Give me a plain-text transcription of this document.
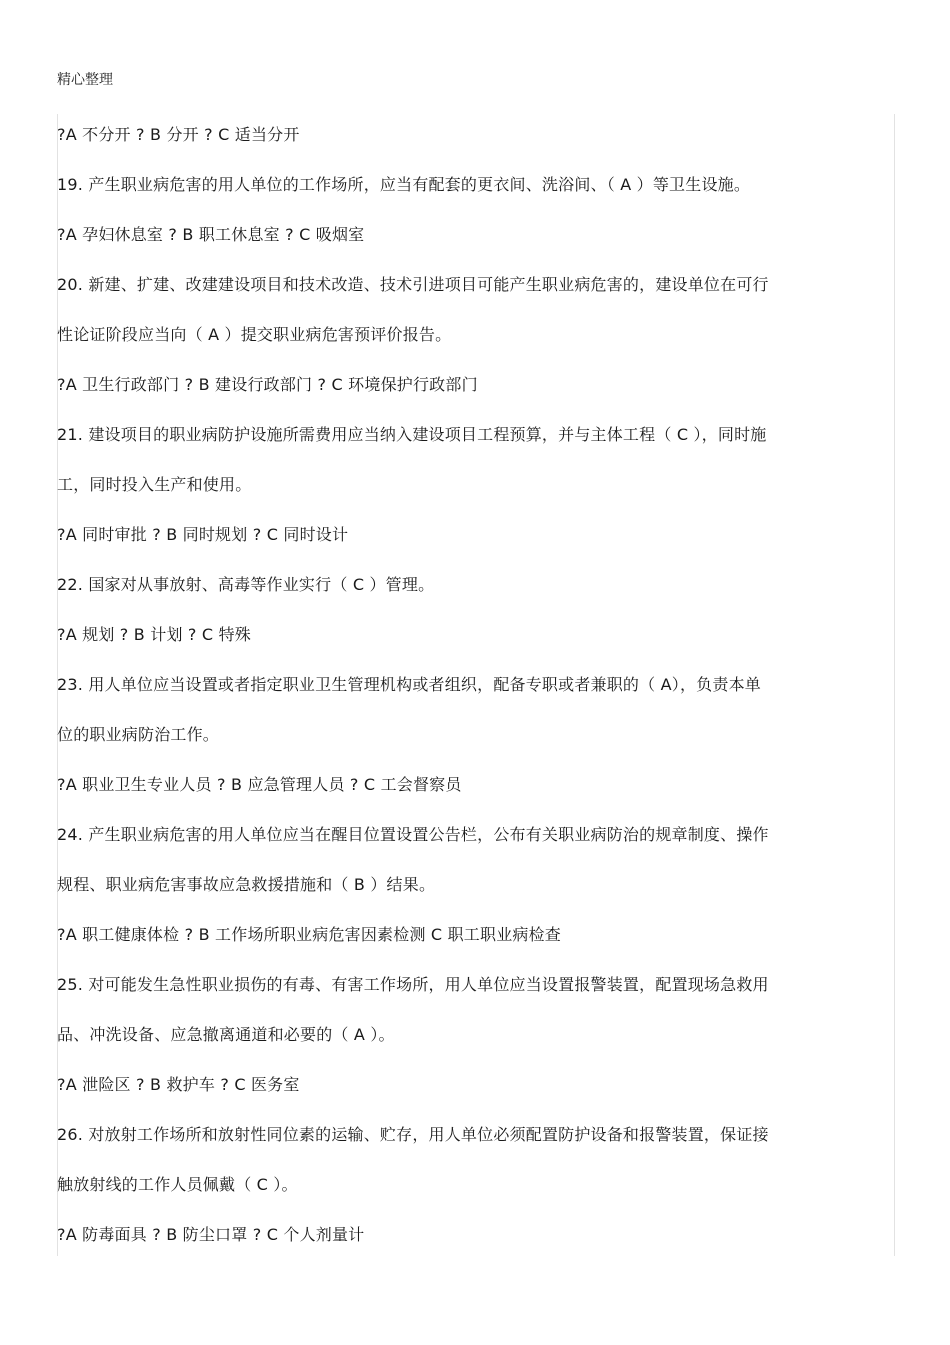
精心整理
?A 不分开 ? B 分开 ? C 适当分开
19. 产生职业病危害的用人单位的工作场所，应当有配套的更衣间、洗浴间、（ A ）等卫生设施。
?A 孕妇休息室 ? B 职工休息室 ? C 吸烟室
20. 新建、扩建、改建建设项目和技术改造、技术引进项目可能产生职业病危害的，建设单位在可行
性论证阶段应当向（ A ）提交职业病危害预评价报告。
?A 卫生行政部门 ? B 建设行政部门 ? C 环境保护行政部门
21. 建设项目的职业病防护设施所需费用应当纳入建设项目工程预算，并与主体工程（ C ），同时施
工，同时投入生产和使用。
?A 同时审批 ? B 同时规划 ? C 同时设计
22. 国家对从事放射、高毒等作业实行（ C ）管理。
?A 规划 ? B 计划 ? C 特殊
23. 用人单位应当设置或者指定职业卫生管理机构或者组织，配备专职或者兼职的（ A），负责本单
位的职业病防治工作。
?A 职业卫生专业人员 ? B 应急管理人员 ? C 工会督察员
24. 产生职业病危害的用人单位应当在醒目位置设置公告栏，公布有关职业病防治的规章制度、操作
规程、职业病危害事故应急救援措施和（ B ）结果。
?A 职工健康体检 ? B 工作场所职业病危害因素检测 C 职工职业病检查
25. 对可能发生急性职业损伤的有毒、有害工作场所，用人单位应当设置报警装置，配置现场急救用
品、冲洗设备、应急撤离通道和必要的（ A ）。
?A 泄险区 ? B 救护车 ? C 医务室
26. 对放射工作场所和放射性同位素的运输、贮存，用人单位必须配置防护设备和报警装置，保证接
触放射线的工作人员佩戴（ C ）。
?A 防毒面具 ? B 防尘口罩 ? C 个人剂量计
